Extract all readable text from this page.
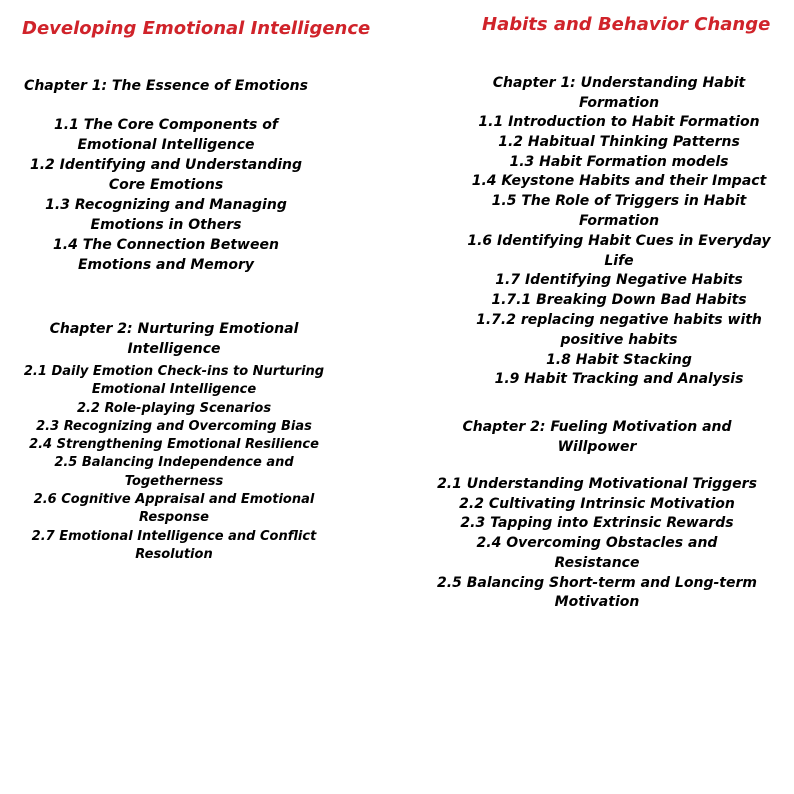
Developing Emotional Intelligence
Chapter 1: The Essence of Emotions
1.1 The Core Components of Emotional Intelligence
1.2 Identifying and Understanding Core Emotions
1.3 Recognizing and Managing Emotions in Others
1.4 The Connection Between Emotions and Memory
Chapter 2: Nurturing Emotional Intelligence
2.1 Daily Emotion Check-ins to Nurturing Emotional Intelligence
2.2 Role-playing Scenarios
2.3 Recognizing and Overcoming Bias
2.4 Strengthening Emotional Resilience
2.5 Balancing Independence and Togetherness
2.6 Cognitive Appraisal and Emotional Response
2.7 Emotional Intelligence and Conflict Resolution
Habits and Behavior Change
Chapter 1: Understanding Habit Formation
1.1 Introduction to Habit Formation
1.2 Habitual Thinking Patterns
1.3 Habit Formation models
1.4 Keystone Habits and their Impact
1.5 The Role of Triggers in Habit Formation
1.6 Identifying Habit Cues in Everyday Life
1.7 Identifying Negative Habits
1.7.1 Breaking Down Bad Habits
1.7.2 replacing negative habits with positive habits
1.8 Habit Stacking
1.9 Habit Tracking and Analysis
Chapter 2: Fueling Motivation and Willpower
2.1 Understanding Motivational Triggers
2.2 Cultivating Intrinsic Motivation
2.3 Tapping into Extrinsic Rewards
2.4 Overcoming Obstacles and Resistance
2.5 Balancing Short-term and Long-term Motivation
